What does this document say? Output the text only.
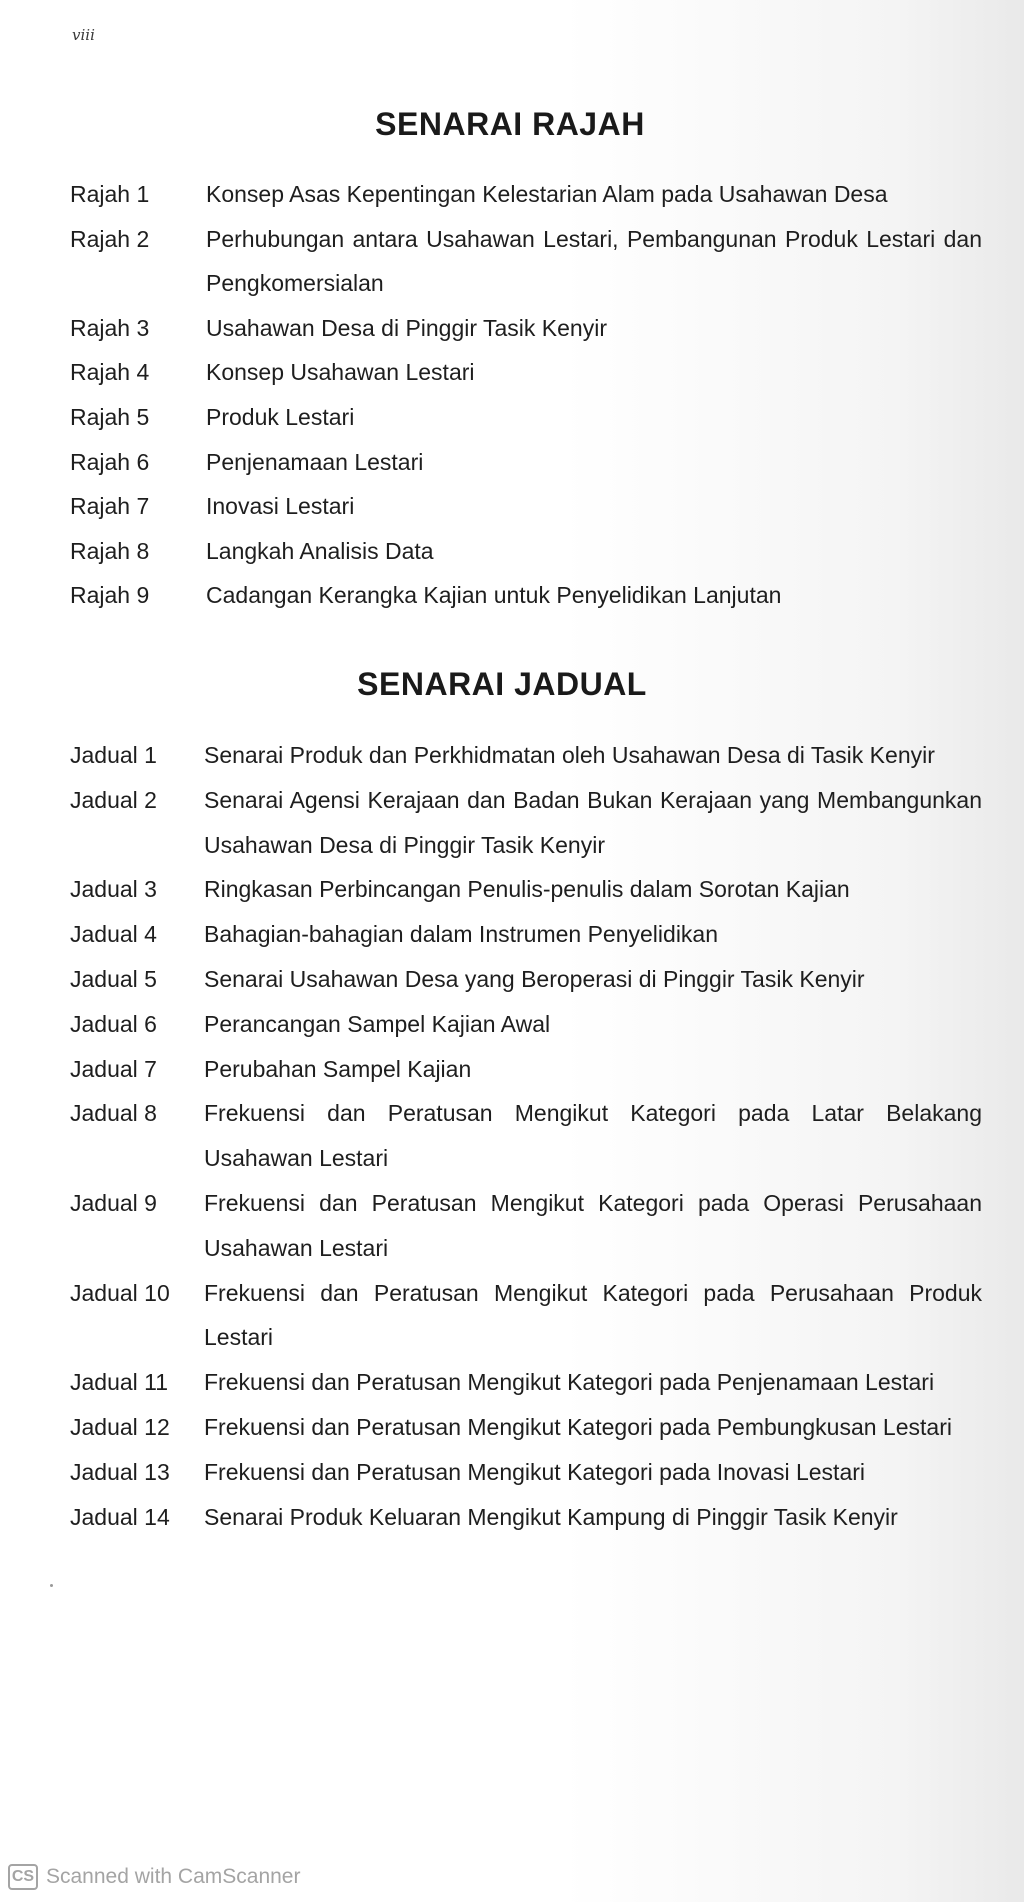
viii
SENARAI RAJAH
Rajah 1	Konsep Asas Kepentingan Kelestarian Alam pada Usahawan Desa
Rajah 2	Perhubungan antara Usahawan Lestari, Pembangunan Produk Lestari dan Pengkomersialan
Rajah 3	Usahawan Desa di Pinggir Tasik Kenyir
Rajah 4	Konsep Usahawan Lestari
Rajah 5	Produk Lestari
Rajah 6	Penjenamaan Lestari
Rajah 7	Inovasi Lestari
Rajah 8	Langkah Analisis Data
Rajah 9	Cadangan Kerangka Kajian untuk Penyelidikan Lanjutan
SENARAI JADUAL
Jadual 1	Senarai Produk dan Perkhidmatan oleh Usahawan Desa di Tasik Kenyir
Jadual 2	Senarai Agensi Kerajaan dan Badan Bukan Kerajaan yang Membangunkan Usahawan Desa di Pinggir Tasik Kenyir
Jadual 3	Ringkasan Perbincangan Penulis-penulis dalam Sorotan Kajian
Jadual 4	Bahagian-bahagian dalam Instrumen Penyelidikan
Jadual 5	Senarai Usahawan Desa yang Beroperasi di Pinggir Tasik Kenyir
Jadual 6	Perancangan Sampel Kajian Awal
Jadual 7	Perubahan Sampel Kajian
Jadual 8	Frekuensi dan Peratusan Mengikut Kategori pada Latar Belakang Usahawan Lestari
Jadual 9	Frekuensi dan Peratusan Mengikut Kategori pada Operasi Perusahaan Usahawan Lestari
Jadual 10	Frekuensi dan Peratusan Mengikut Kategori pada Perusahaan Produk Lestari
Jadual 11	Frekuensi dan Peratusan Mengikut Kategori pada Penjenamaan Lestari
Jadual 12	Frekuensi dan Peratusan Mengikut Kategori pada Pembungkusan Lestari
Jadual 13	Frekuensi dan Peratusan Mengikut Kategori pada Inovasi Lestari
Jadual 14	Senarai Produk Keluaran Mengikut Kampung di Pinggir Tasik Kenyir
CS Scanned with CamScanner
